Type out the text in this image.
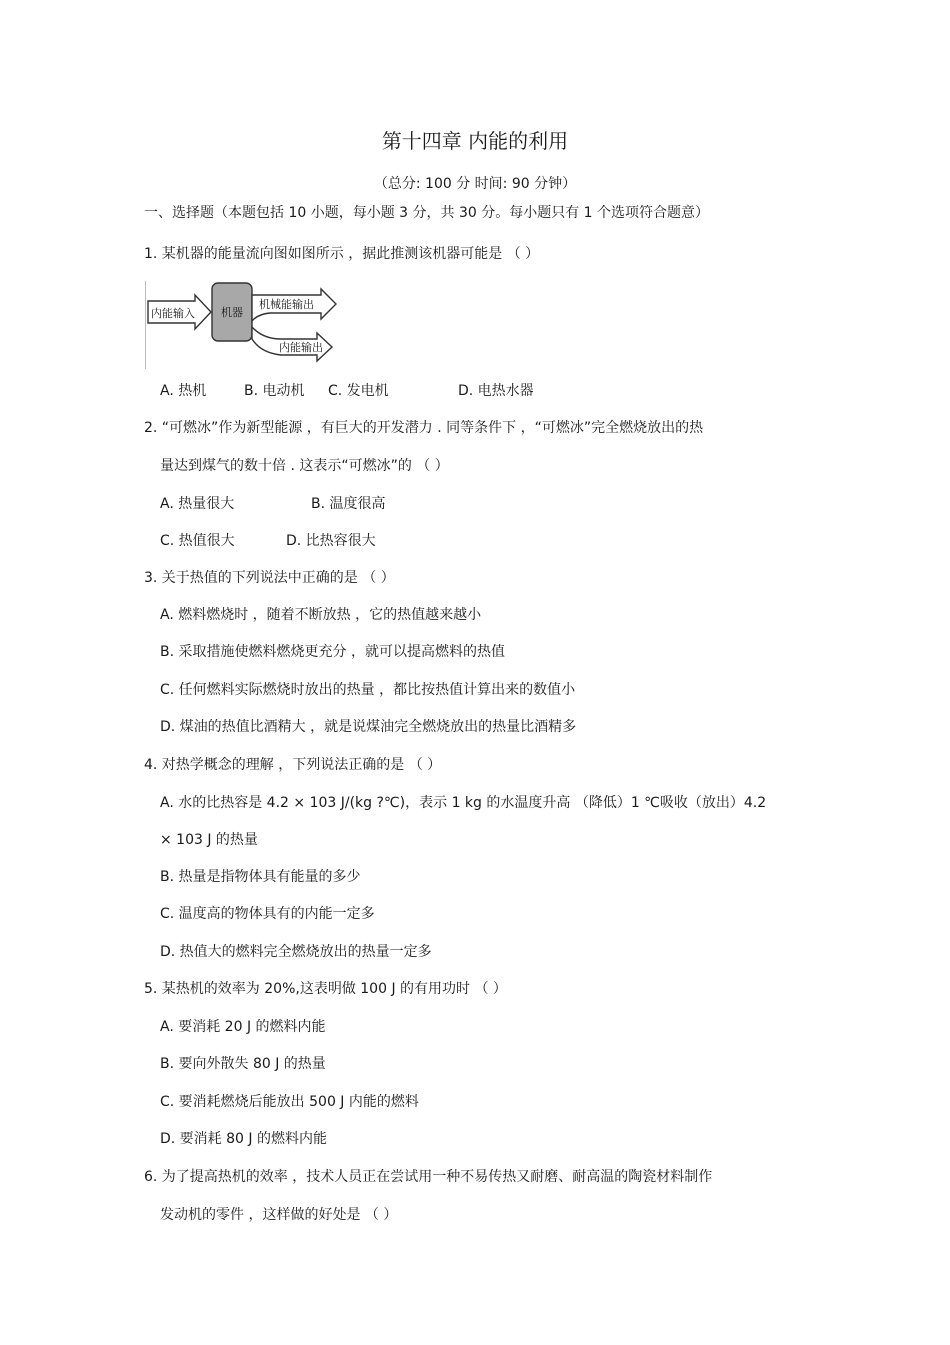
第十四章 内能的利用
（总分: 100 分 时间: 90 分钟）
一、选择题（本题包括 10 小题，每小题 3 分，共 30 分。每小题只有 1 个选项符合题意）
1. 某机器的能量流向图如图所示 ，据此推测该机器可能是 （ ）
内能输入 机器
机械能输出
内能输出
A. 热机	B. 电动机 C. 发电机	D. 电热水器
2. “可燃冰”作为新型能源 ，有巨大的开发潜力 . 同等条件下 ，“可燃冰”完全燃烧放出的热
量达到煤气的数十倍 . 这表示“可燃冰”的 （ ）
A. 热量很大	B. 温度很高
C. 热值很大	D. 比热容很大
3. 关于热值的下列说法中正确的是 （ ）
A. 燃料燃烧时 ，随着不断放热 ，它的热值越来越小
B. 采取措施使燃料燃烧更充分 ，就可以提高燃料的热值
C. 任何燃料实际燃烧时放出的热量 ，都比按热值计算出来的数值小
D. 煤油的热值比酒精大 ，就是说煤油完全燃烧放出的热量比酒精多
4. 对热学概念的理解 ，下列说法正确的是 （ ）
A. 水的比热容是 4.2 × 103 J/(kg ?℃)，表示 1 kg 的水温度升高 （降低）1 ℃吸收（放出）4.2
× 103 J 的热量
B. 热量是指物体具有能量的多少
C. 温度高的物体具有的内能一定多
D. 热值大的燃料完全燃烧放出的热量一定多
5. 某热机的效率为 20%,这表明做 100 J 的有用功时 （ ）
A. 要消耗 20 J 的燃料内能
B. 要向外散失 80 J 的热量
C. 要消耗燃烧后能放出 500 J 内能的燃料
D. 要消耗 80 J 的燃料内能
6. 为了提高热机的效率 ，技术人员正在尝试用一种不易传热又耐磨、耐高温的陶瓷材料制作
发动机的零件 ，这样做的好处是 （ ）
